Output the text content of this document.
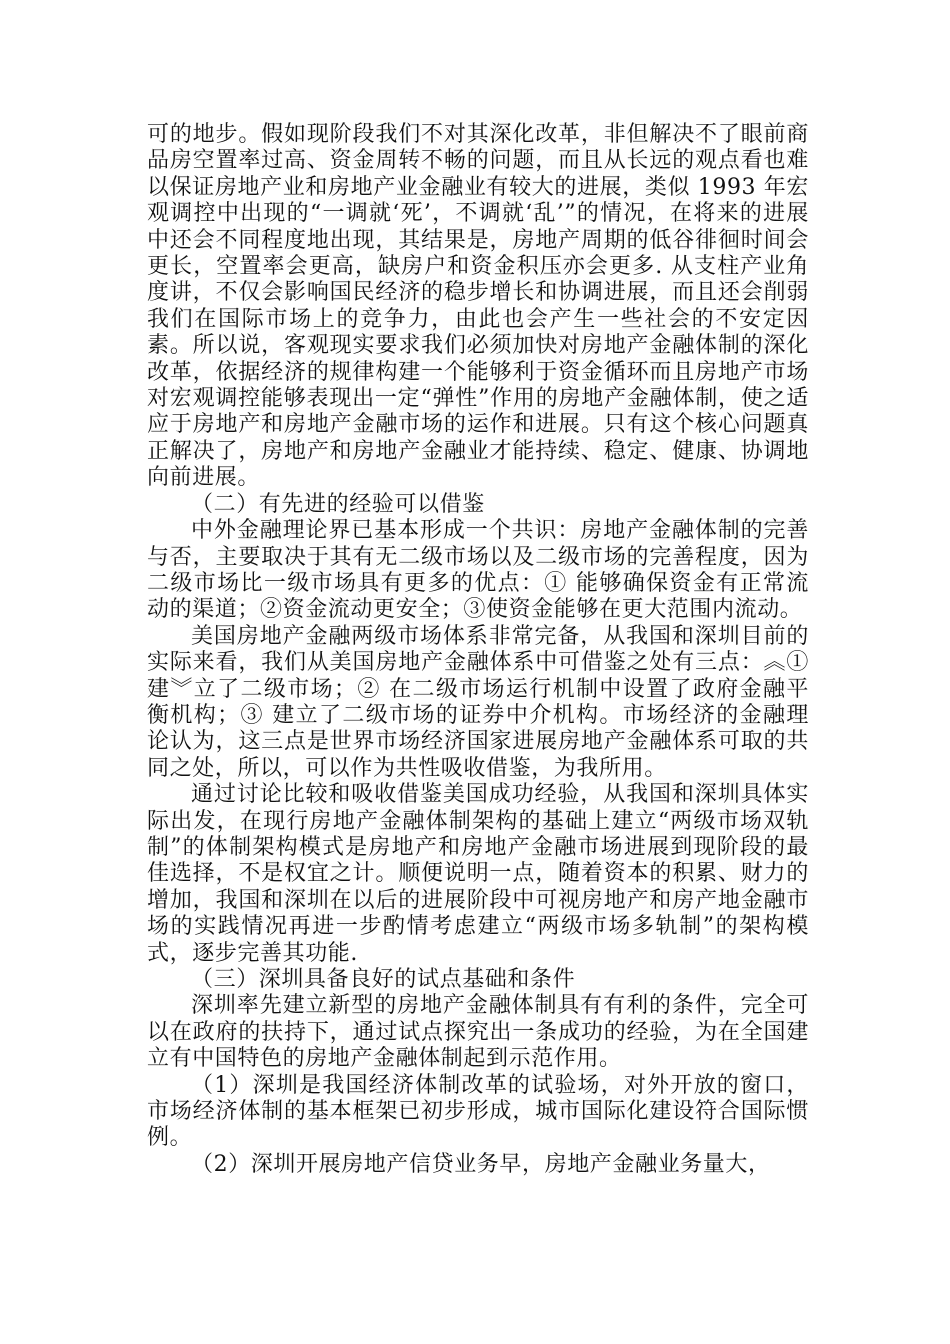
可的地步。假如现阶段我们不对其深化改革，非但解决不了眼前商品房空置率过高、资金周转不畅的问题，而且从长远的观点看也难以保证房地产业和房地产业金融业有较大的进展，类似 1993 年宏观调控中出现的“一调就‘死’，不调就‘乱’”的情况，在将来的进展中还会不同程度地出现，其结果是，房地产周期的低谷徘徊时间会更长，空置率会更高，缺房户和资金积压亦会更多. 从支柱产业角度讲，不仅会影响国民经济的稳步增长和协调进展，而且还会削弱我们在国际市场上的竞争力，由此也会产生一些社会的不安定因素。所以说，客观现实要求我们必须加快对房地产金融体制的深化改革，依据经济的规律构建一个能够利于资金循环而且房地产市场对宏观调控能够表现出一定“弹性”作用的房地产金融体制，使之适应于房地产和房地产金融市场的运作和进展。只有这个核心问题真正解决了，房地产和房地产金融业才能持续、稳定、健康、协调地向前进展。

（二）有先进的经验可以借鉴

中外金融理论界已基本形成一个共识：房地产金融体制的完善与否，主要取决于其有无二级市场以及二级市场的完善程度，因为二级市场比一级市场具有更多的优点：① 能够确保资金有正常流动的渠道；②资金流动更安全；③使资金能够在更大范围内流动。

美国房地产金融两级市场体系非常完备，从我国和深圳目前的实际来看，我们从美国房地产金融体系中可借鉴之处有三点：︽①建︾立了二级市场；② 在二级市场运行机制中设置了政府金融平衡机构；③ 建立了二级市场的证券中介机构。市场经济的金融理论认为，这三点是世界市场经济国家进展房地产金融体系可取的共同之处，所以，可以作为共性吸收借鉴，为我所用。

通过讨论比较和吸收借鉴美国成功经验，从我国和深圳具体实际出发，在现行房地产金融体制架构的基础上建立“两级市场双轨制”的体制架构模式是房地产和房地产金融市场进展到现阶段的最佳选择，不是权宜之计。顺便说明一点，随着资本的积累、财力的增加，我国和深圳在以后的进展阶段中可视房地产和房产地金融市场的实践情况再进一步酌情考虑建立“两级市场多轨制”的架构模式，逐步完善其功能.

（三）深圳具备良好的试点基础和条件

深圳率先建立新型的房地产金融体制具有有利的条件，完全可以在政府的扶持下，通过试点探究出一条成功的经验，为在全国建立有中国特色的房地产金融体制起到示范作用。

（1）深圳是我国经济体制改革的试验场，对外开放的窗口，市场经济体制的基本框架已初步形成，城市国际化建设符合国际惯例。

（2）深圳开展房地产信贷业务早，房地产金融业务量大，
